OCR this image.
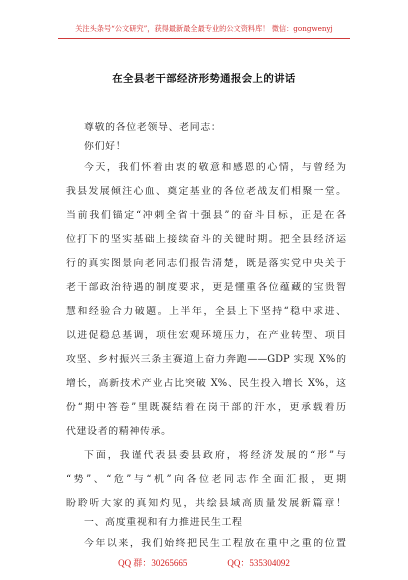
关注头条号“公文研究”，获得最新最全最专业的公文资料库！ 微信：gongwenyj
在全县老干部经济形势通报会上的讲话
尊敬的各位老领导、老同志：
你们好！
今天，我们怀着由衷的敬意和感恩的心情，与曾经为
我县发展倾注心血、奠定基业的各位老战友们相聚一堂。
当前我们锚定“冲刺全省十强县”的奋斗目标，正是在各
位打下的坚实基础上接续奋斗的关键时期。把全县经济运
行的真实图景向老同志们报告清楚，既是落实党中央关于
老干部政治待遇的制度要求，更是懂重各位蕴藏的宝贵智
慧和经验合力破题。上半年，全县上下坚持“稳中求进、
以进促稳总基调，项住宏观环境压力，在产业转型、项目
攻坚、乡村振兴三条主赛道上奋力奔跑——GDP 实现 X%的
增长，高新技术产业占比突破 X%、民生投入增长 X%，这
份“期中答卷”里既凝结着在岗干部的汗水，更承载着历
代建设者的精神传承。
下面，我谨代表县委县政府，将经济发展的“形”与
“势”、“危”与“机”向各位老同志作全面汇报，更期
盼聆听大家的真知灼见，共绘县域高质量发展新篇章！
一、高度重视和有力推进民生工程
今年以来，我们始终把民生工程放在重中之重的位置
QQ 群：30265665	QQ：535304092
